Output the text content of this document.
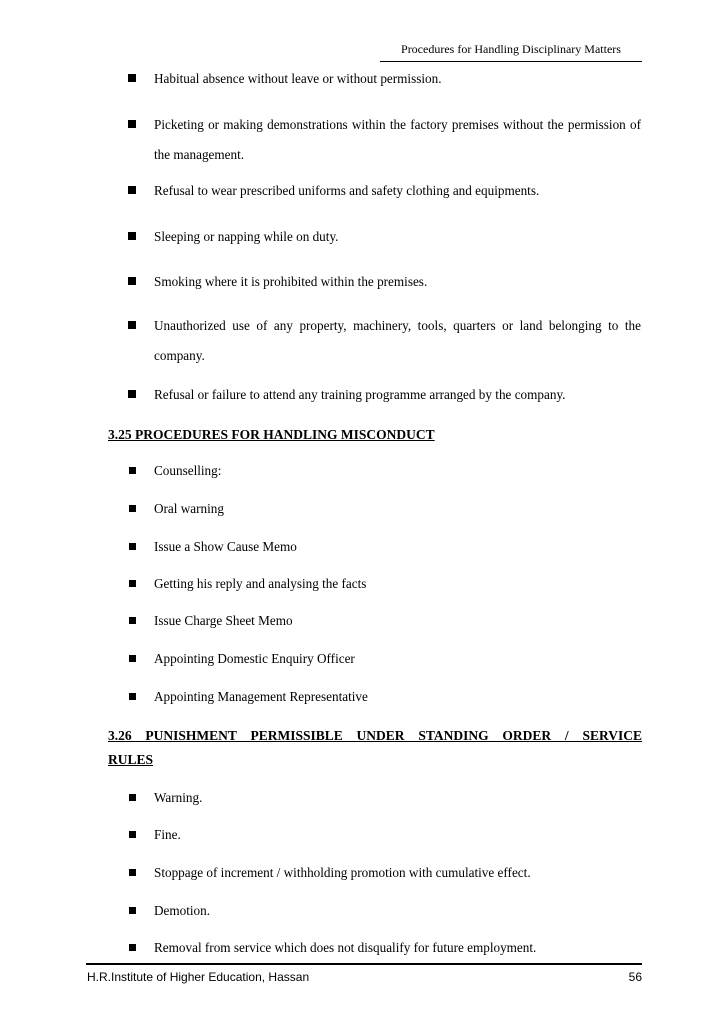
Procedures for Handling Disciplinary Matters
Habitual absence without leave or without permission.
Picketing or making demonstrations within the factory premises without the permission of the management.
Refusal to wear prescribed uniforms and safety clothing and equipments.
Sleeping or napping while on duty.
Smoking where it is prohibited within the premises.
Unauthorized use of any property, machinery, tools, quarters or land belonging to the company.
Refusal or failure to attend any training programme arranged by the company.
3.25 PROCEDURES FOR HANDLING MISCONDUCT
Counselling:
Oral warning
Issue a Show Cause Memo
Getting his reply and analysing the facts
Issue Charge Sheet Memo
Appointing Domestic Enquiry Officer
Appointing Management Representative
3.26 PUNISHMENT PERMISSIBLE UNDER STANDING ORDER / SERVICE
RULES
Warning.
Fine.
Stoppage of increment / withholding promotion with cumulative effect.
Demotion.
Removal from service which does not disqualify for future employment.
H.R.Institute of Higher Education, Hassan	56
